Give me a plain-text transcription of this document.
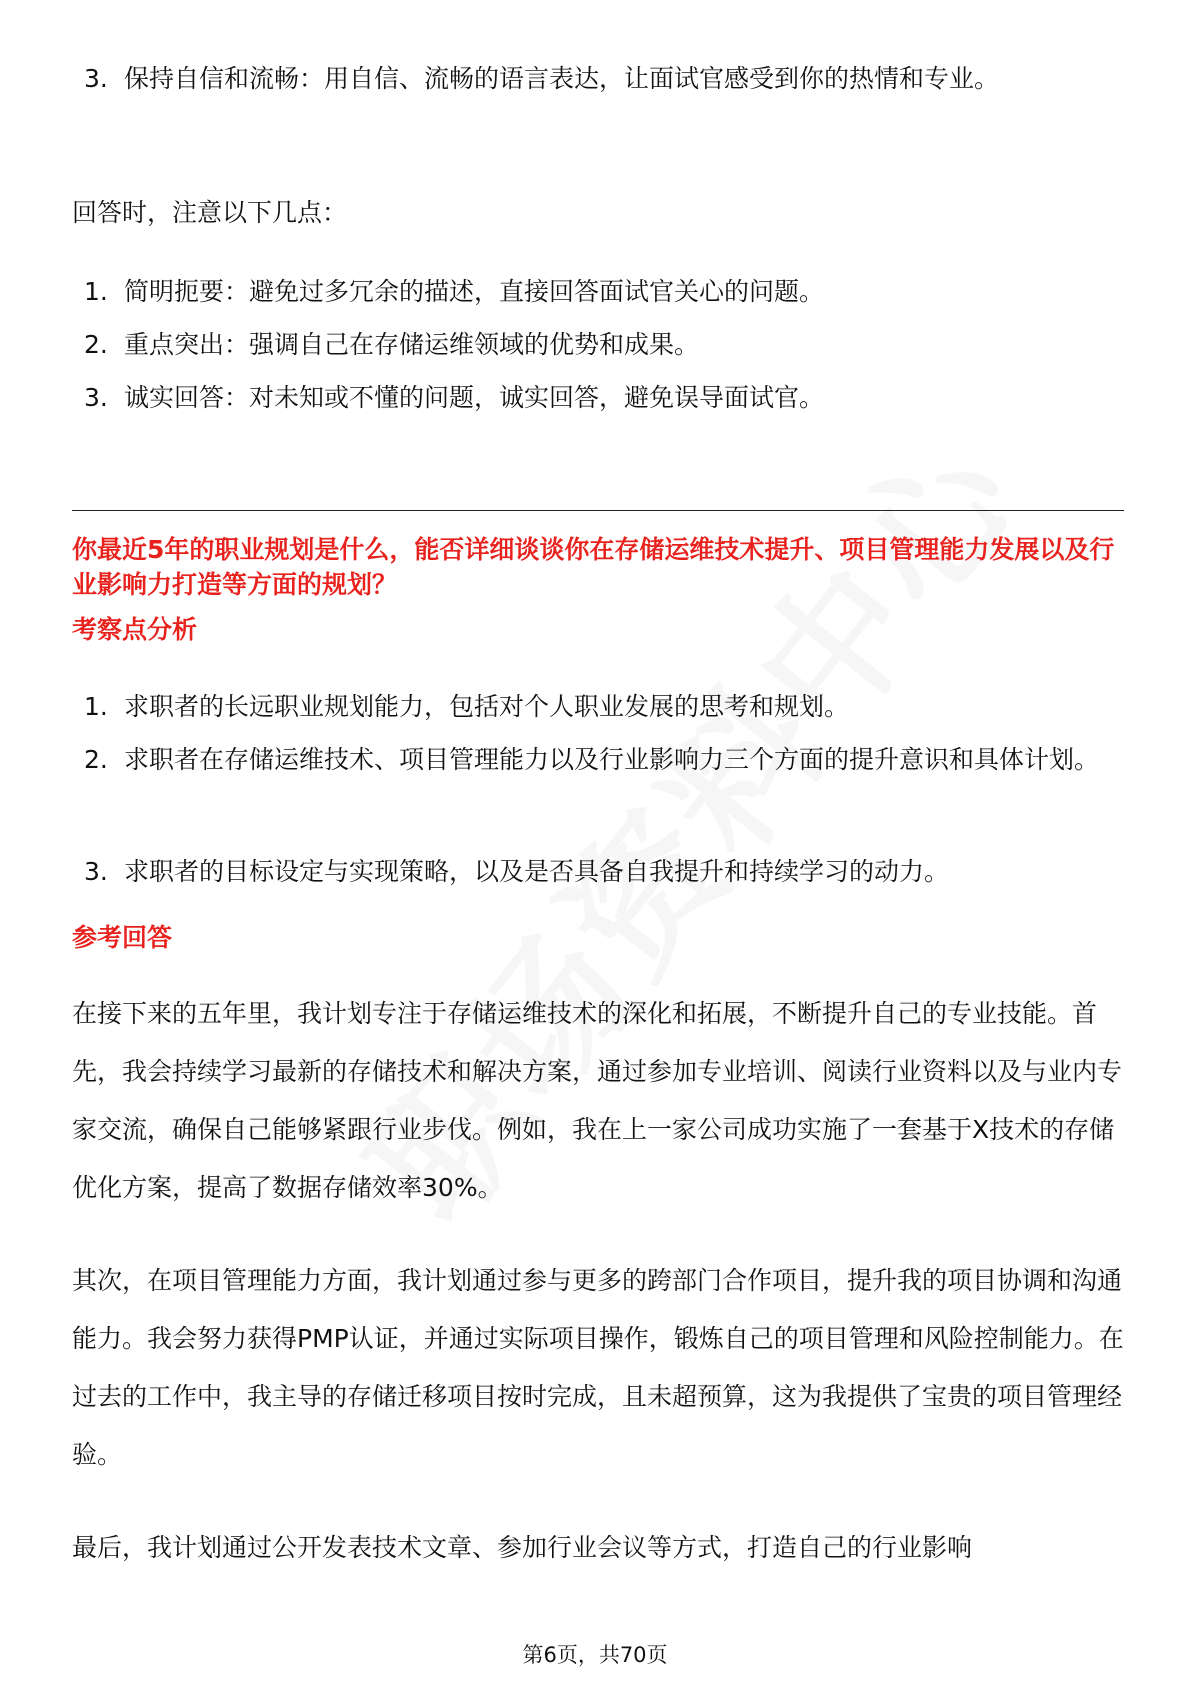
3. 保持自信和流畅：用自信、流畅的语言表达，让面试官感受到你的热情和专业。
回答时，注意以下几点：
1. 简明扼要：避免过多冗余的描述，直接回答面试官关心的问题。
2. 重点突出：强调自己在存储运维领域的优势和成果。
3. 诚实回答：对未知或不懂的问题，诚实回答，避免误导面试官。
你最近5年的职业规划是什么，能否详细谈谈你在存储运维技术提升、项目管理能力发展以及行业影响力打造等方面的规划？
考察点分析
1. 求职者的长远职业规划能力，包括对个人职业发展的思考和规划。
2. 求职者在存储运维技术、项目管理能力以及行业影响力三个方面的提升意识和具体计划。
3. 求职者的目标设定与实现策略，以及是否具备自我提升和持续学习的动力。
参考回答
在接下来的五年里，我计划专注于存储运维技术的深化和拓展，不断提升自己的专业技能。首先，我会持续学习最新的存储技术和解决方案，通过参加专业培训、阅读行业资料以及与业内专家交流，确保自己能够紧跟行业步伐。例如，我在上一家公司成功实施了一套基于X技术的存储优化方案，提高了数据存储效率30%。
其次，在项目管理能力方面，我计划通过参与更多的跨部门合作项目，提升我的项目协调和沟通能力。我会努力获得PMP认证，并通过实际项目操作，锻炼自己的项目管理和风险控制能力。在过去的工作中，我主导的存储迁移项目按时完成，且未超预算，这为我提供了宝贵的项目管理经验。
最后，我计划通过公开发表技术文章、参加行业会议等方式，打造自己的行业影响
第6页，共70页
